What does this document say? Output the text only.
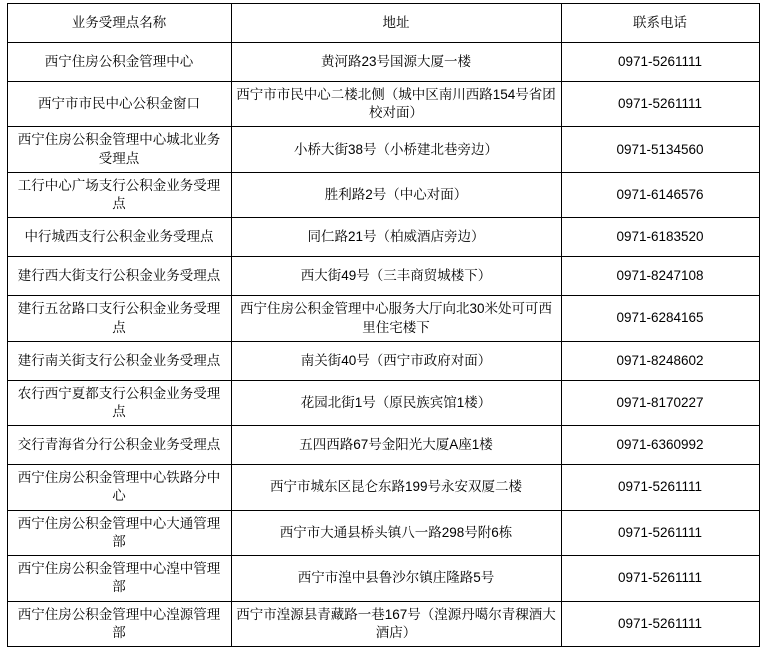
业务受理点名称	地址	联系电话
西宁住房公积金管理中心	黄河路23号国源大厦一楼	0971-5261111
西宁市市民中心公积金窗口	西宁市市民中心二楼北侧（城中区南川西路154号省团校对面）	0971-5261111
西宁住房公积金管理中心城北业务受理点	小桥大街38号（小桥建北巷旁边）	0971-5134560
工行中心广场支行公积金业务受理点	胜利路2号（中心对面）	0971-6146576
中行城西支行公积金业务受理点	同仁路21号（柏威酒店旁边）	0971-6183520
建行西大街支行公积金业务受理点	西大街49号（三丰商贸城楼下）	0971-8247108
建行五岔路口支行公积金业务受理点	西宁住房公积金管理中心服务大厅向北30米处可可西里住宅楼下	0971-6284165
建行南关街支行公积金业务受理点	南关街40号（西宁市政府对面）	0971-8248602
农行西宁夏都支行公积金业务受理点	花园北街1号（原民族宾馆1楼）	0971-8170227
交行青海省分行公积金业务受理点	五四西路67号金阳光大厦A座1楼	0971-6360992
西宁住房公积金管理中心铁路分中心	西宁市城东区昆仑东路199号永安双厦二楼	0971-5261111
西宁住房公积金管理中心大通管理部	西宁市大通县桥头镇八一路298号附6栋	0971-5261111
西宁住房公积金管理中心湟中管理部	西宁市湟中县鲁沙尔镇庄隆路5号	0971-5261111
西宁住房公积金管理中心湟源管理部	西宁市湟源县青藏路一巷167号（湟源丹噶尔青稞酒大酒店）	0971-5261111
